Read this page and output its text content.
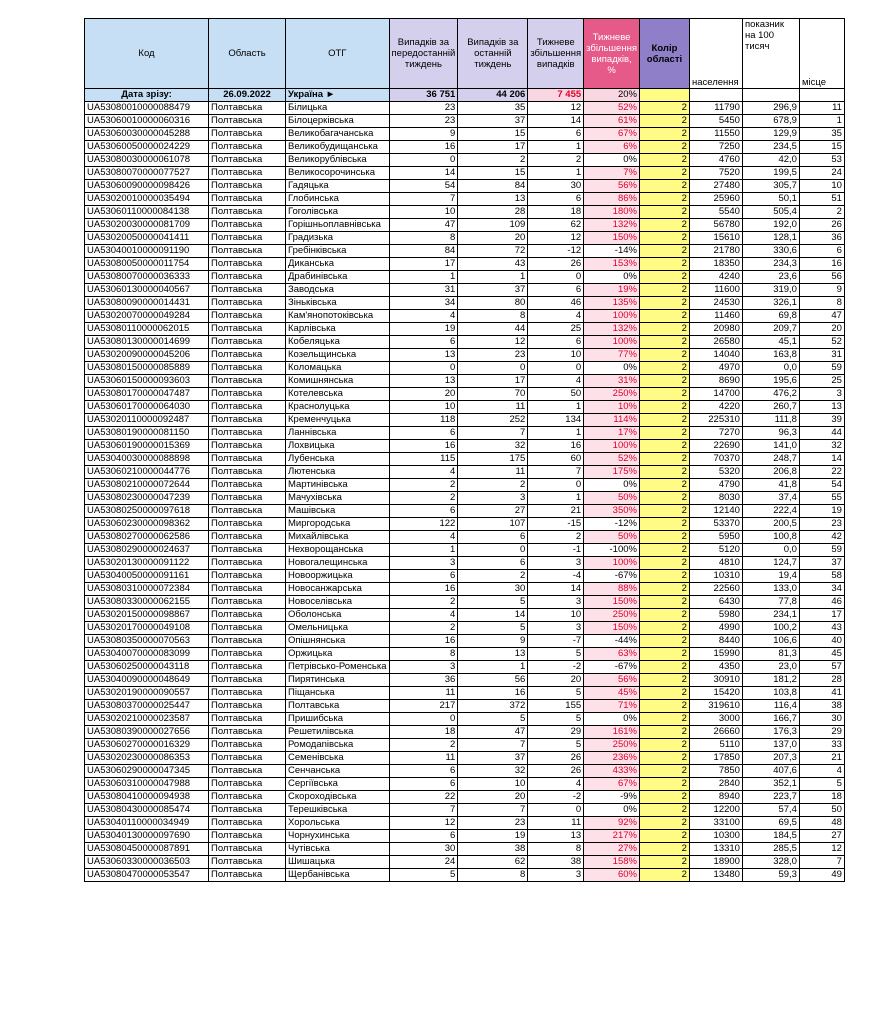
Код	Область	ОТГ	Випадків за передостанній тиждень	Випадків за останній тиждень	Тижневе збільшення випадків	Тижневе збільшення випадків, %	Колір області	населення	показник на 100 тисяч	місце
Дата зрізу:	26.09.2022	Україна ►	36 751	44 206	7 455	20%				
UA53080010000088479	Полтавська	Білицька	23	35	12	52%	2	11790	296,9	11
UA53060010000060316	Полтавська	Білоцерківська	23	37	14	61%	2	5450	678,9	1
UA53060030000045288	Полтавська	Великобагачанська	9	15	6	67%	2	11550	129,9	35
UA53060050000024229	Полтавська	Великобудищанська	16	17	1	6%	2	7250	234,5	15
UA53080030000061078	Полтавська	Великорублівська	0	2	2	0%	2	4760	42,0	53
UA53080070000077527	Полтавська	Великосорочинська	14	15	1	7%	2	7520	199,5	24
UA53060090000098426	Полтавська	Гадяцька	54	84	30	56%	2	27480	305,7	10
UA53020010000035494	Полтавська	Глобинська	7	13	6	86%	2	25960	50,1	51
UA53060110000084138	Полтавська	Гоголівська	10	28	18	180%	2	5540	505,4	2
UA53020030000081709	Полтавська	Горішньоплавнівська	47	109	62	132%	2	56780	192,0	26
UA53020050000041411	Полтавська	Градизька	8	20	12	150%	2	15610	128,1	36
UA53040010000091190	Полтавська	Гребінківська	84	72	-12	-14%	2	21780	330,6	6
UA53080050000011754	Полтавська	Диканська	17	43	26	153%	2	18350	234,3	16
UA53080070000036333	Полтавська	Драбинівська	1	1	0	0%	2	4240	23,6	56
UA53060130000040567	Полтавська	Заводська	31	37	6	19%	2	11600	319,0	9
UA53080090000014431	Полтавська	Зіньківська	34	80	46	135%	2	24530	326,1	8
UA53020070000049284	Полтавська	Кам'янопотоківська	4	8	4	100%	2	11460	69,8	47
UA53080110000062015	Полтавська	Карлівська	19	44	25	132%	2	20980	209,7	20
UA53080130000014699	Полтавська	Кобеляцька	6	12	6	100%	2	26580	45,1	52
UA53020090000045206	Полтавська	Козельщинська	13	23	10	77%	2	14040	163,8	31
UA53080150000085889	Полтавська	Коломацька	0	0	0	0%	2	4970	0,0	59
UA53060150000093603	Полтавська	Комишнянська	13	17	4	31%	2	8690	195,6	25
UA53080170000047487	Полтавська	Котелевська	20	70	50	250%	2	14700	476,2	3
UA53060170000064030	Полтавська	Краснолуцька	10	11	1	10%	2	4220	260,7	13
UA53020110000092487	Полтавська	Кременчуцька	118	252	134	114%	2	225310	111,8	39
UA53080190000081150	Полтавська	Ланнівська	6	7	1	17%	2	7270	96,3	44
UA53060190000015369	Полтавська	Лохвицька	16	32	16	100%	2	22690	141,0	32
UA53040030000088898	Полтавська	Лубенська	115	175	60	52%	2	70370	248,7	14
UA53060210000044776	Полтавська	Лютенська	4	11	7	175%	2	5320	206,8	22
UA53080210000072644	Полтавська	Мартинівська	2	2	0	0%	2	4790	41,8	54
UA53080230000047239	Полтавська	Мачухівська	2	3	1	50%	2	8030	37,4	55
UA53080250000097618	Полтавська	Машівська	6	27	21	350%	2	12140	222,4	19
UA53060230000098362	Полтавська	Миргородська	122	107	-15	-12%	2	53370	200,5	23
UA53080270000062586	Полтавська	Михайлівська	4	6	2	50%	2	5950	100,8	42
UA53080290000024637	Полтавська	Нехворощанська	1	0	-1	-100%	2	5120	0,0	59
UA53020130000091122	Полтавська	Новогалещинська	3	6	3	100%	2	4810	124,7	37
UA53040050000091161	Полтавська	Новооржицька	6	2	-4	-67%	2	10310	19,4	58
UA53080310000072384	Полтавська	Новосанжарська	16	30	14	88%	2	22560	133,0	34
UA53080330000062155	Полтавська	Новоселівська	2	5	3	150%	2	6430	77,8	46
UA53020150000098867	Полтавська	Оболонська	4	14	10	250%	2	5980	234,1	17
UA53020170000049108	Полтавська	Омельницька	2	5	3	150%	2	4990	100,2	43
UA53080350000070563	Полтавська	Опішнянська	16	9	-7	-44%	2	8440	106,6	40
UA53040070000083099	Полтавська	Оржицька	8	13	5	63%	2	15990	81,3	45
UA53060250000043118	Полтавська	Петрівсько-Роменська	3	1	-2	-67%	2	4350	23,0	57
UA53040090000048649	Полтавська	Пирятинська	36	56	20	56%	2	30910	181,2	28
UA53020190000090557	Полтавська	Піщанська	11	16	5	45%	2	15420	103,8	41
UA53080370000025447	Полтавська	Полтавська	217	372	155	71%	2	319610	116,4	38
UA53020210000023587	Полтавська	Пришибська	0	5	5	0%	2	3000	166,7	30
UA53080390000027656	Полтавська	Решетилівська	18	47	29	161%	2	26660	176,3	29
UA53060270000016329	Полтавська	Ромодanівська	2	7	5	250%	2	5110	137,0	33
UA53020230000086353	Полтавська	Семенівська	11	37	26	236%	2	17850	207,3	21
UA53060290000047345	Полтавська	Сенчанська	6	32	26	433%	2	7850	407,6	4
UA53060310000047988	Полтавська	Сергіївська	6	10	4	67%	2	2840	352,1	5
UA53080410000094938	Полтавська	Скороходівська	22	20	-2	-9%	2	8940	223,7	18
UA53080430000085474	Полтавська	Терешківська	7	7	0	0%	2	12200	57,4	50
UA53040110000034949	Полтавська	Хорольська	12	23	11	92%	2	33100	69,5	48
UA53040130000097690	Полтавська	Чорнухинська	6	19	13	217%	2	10300	184,5	27
UA53080450000087891	Полтавська	Чутівська	30	38	8	27%	2	13310	285,5	12
UA53060330000036503	Полтавська	Шишацька	24	62	38	158%	2	18900	328,0	7
UA53080470000053547	Полтавська	Щербанівська	5	8	3	60%	2	13480	59,3	49
